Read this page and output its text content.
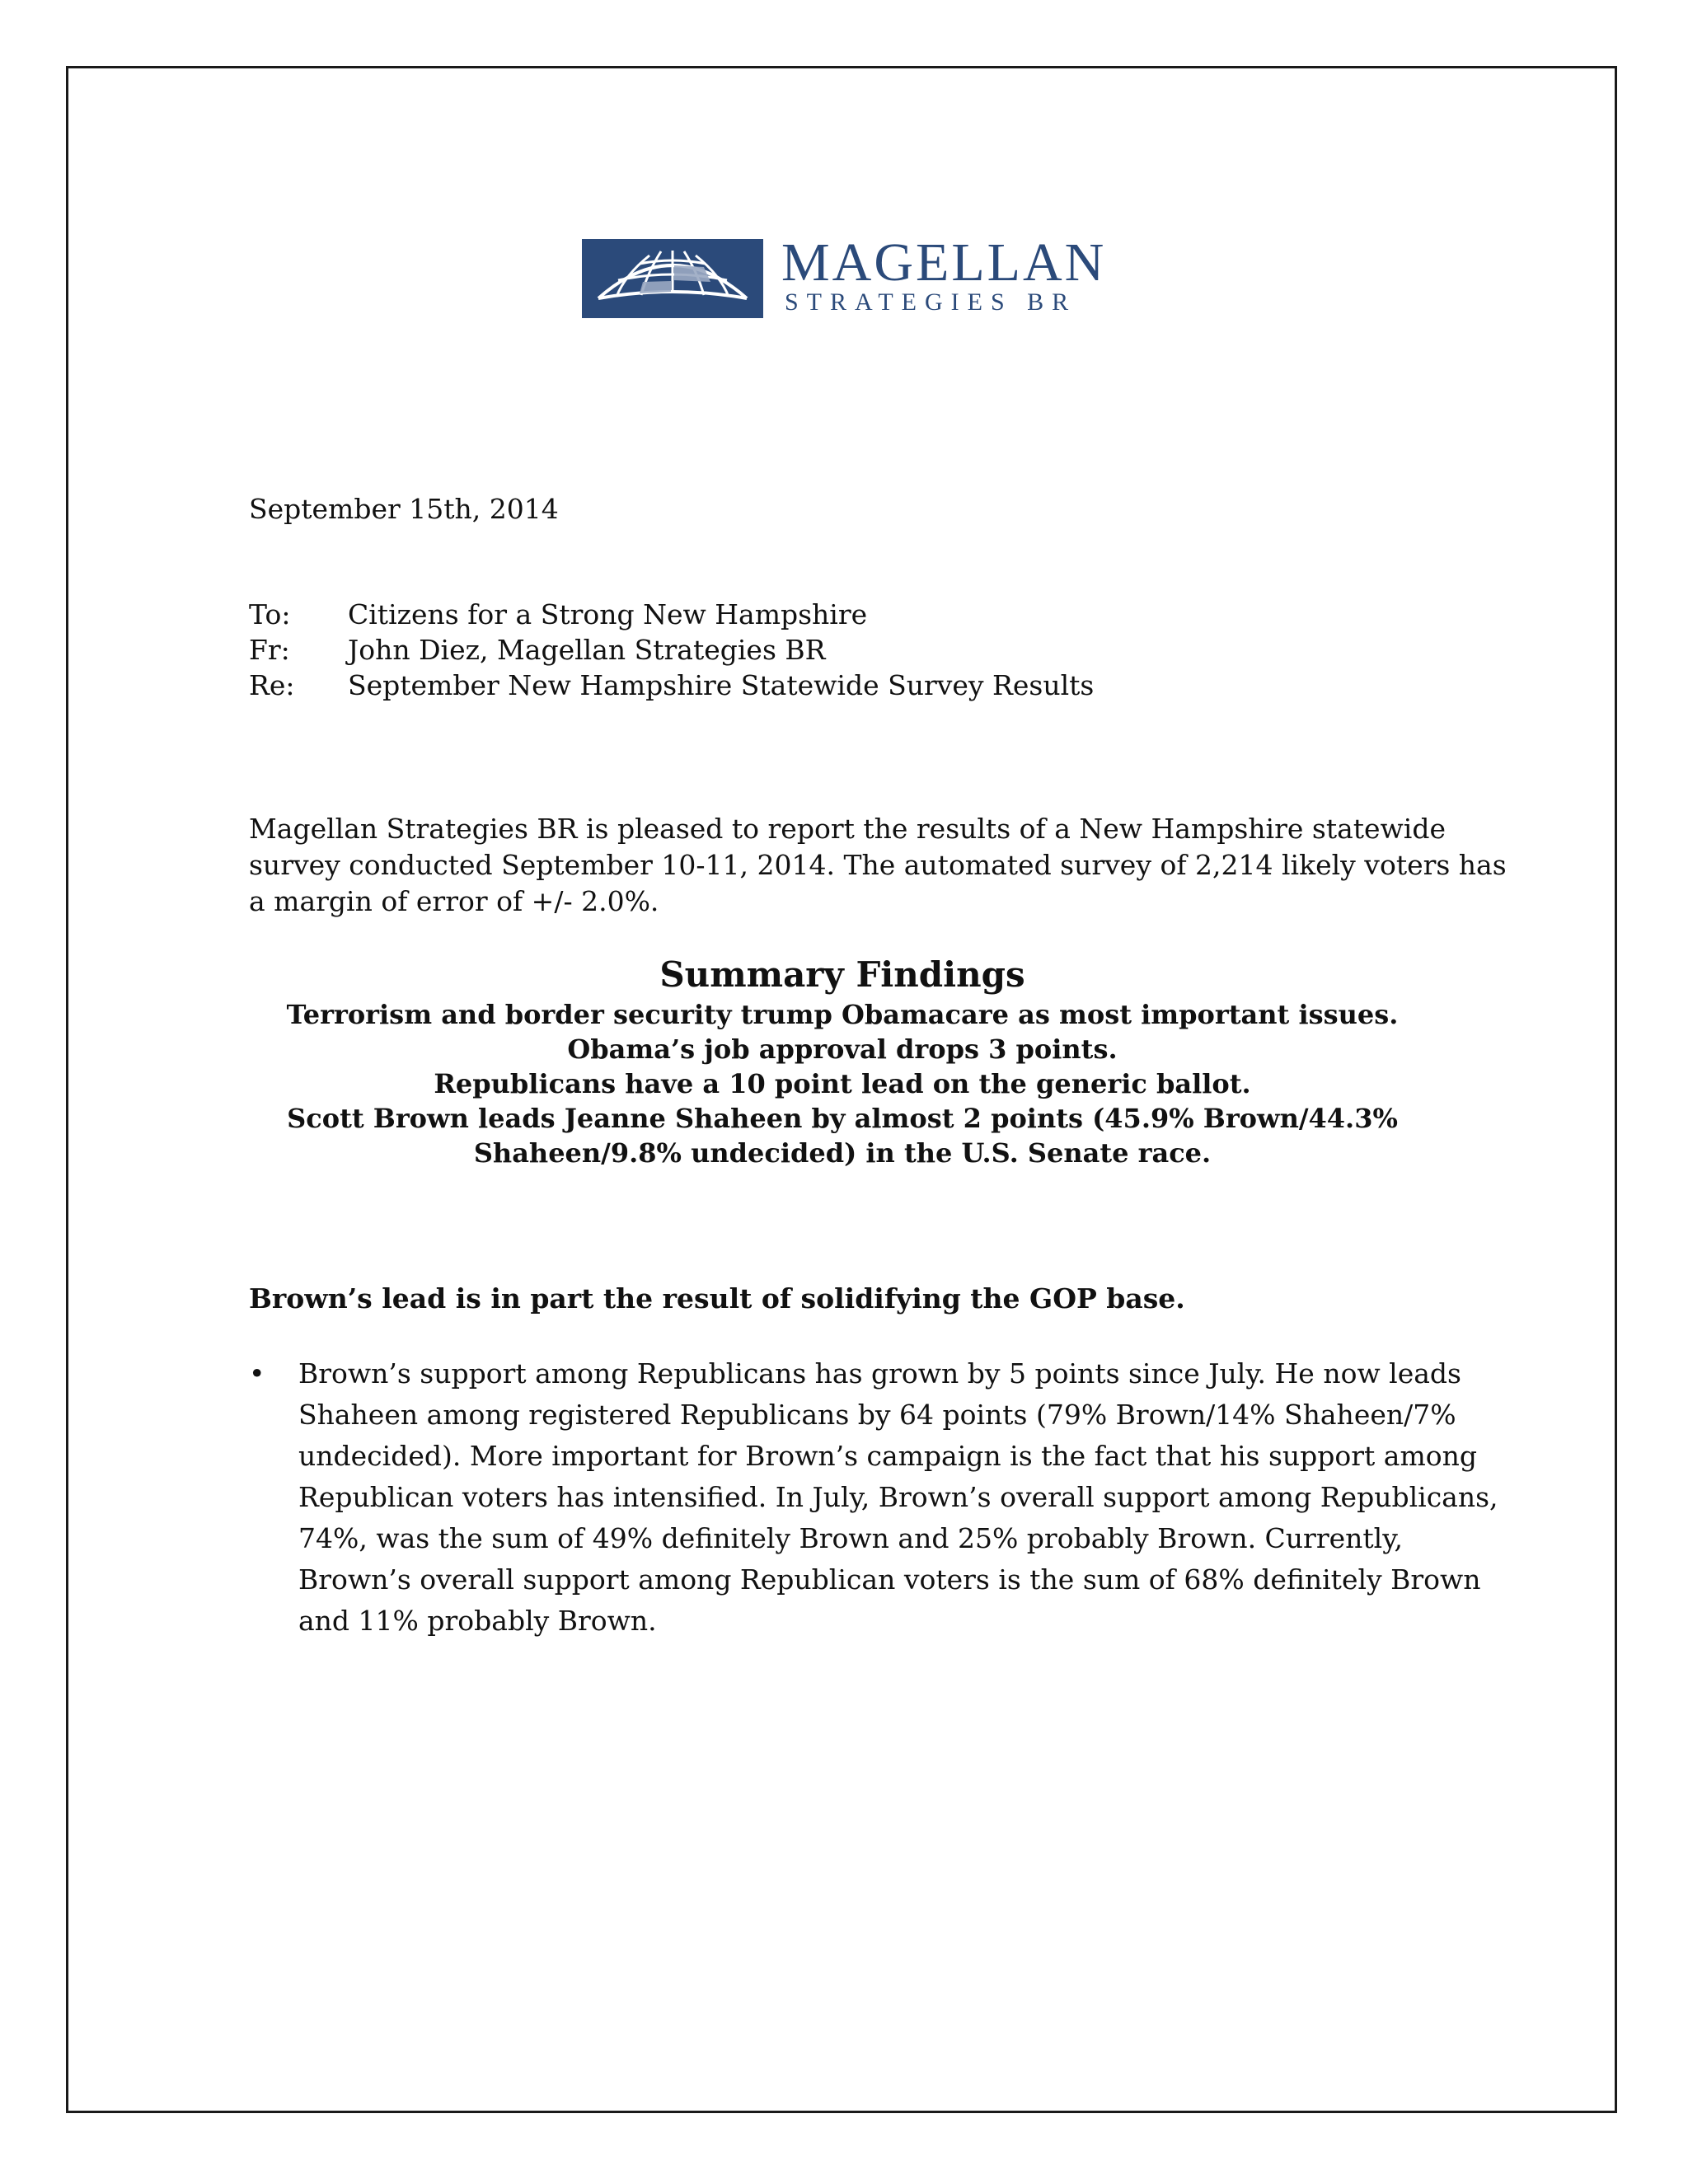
MAGELLAN
STRATEGIES BR
September 15th, 2014
To: Citizens for a Strong New Hampshire
Fr: John Diez, Magellan Strategies BR
Re: September New Hampshire Statewide Survey Results
Magellan Strategies BR is pleased to report the results of a New Hampshire statewide
survey conducted September 10-11, 2014. The automated survey of 2,214 likely voters has
a margin of error of +/- 2.0%.
Summary Findings
Terrorism and border security trump Obamacare as most important issues.
Obama’s job approval drops 3 points.
Republicans have a 10 point lead on the generic ballot.
Scott Brown leads Jeanne Shaheen by almost 2 points (45.9% Brown/44.3%
Shaheen/9.8% undecided) in the U.S. Senate race.
Brown’s lead is in part the result of solidifying the GOP base.
• Brown’s support among Republicans has grown by 5 points since July. He now leads
Shaheen among registered Republicans by 64 points (79% Brown/14% Shaheen/7%
undecided). More important for Brown’s campaign is the fact that his support among
Republican voters has intensified. In July, Brown’s overall support among Republicans,
74%, was the sum of 49% definitely Brown and 25% probably Brown. Currently,
Brown’s overall support among Republican voters is the sum of 68% definitely Brown
and 11% probably Brown.
